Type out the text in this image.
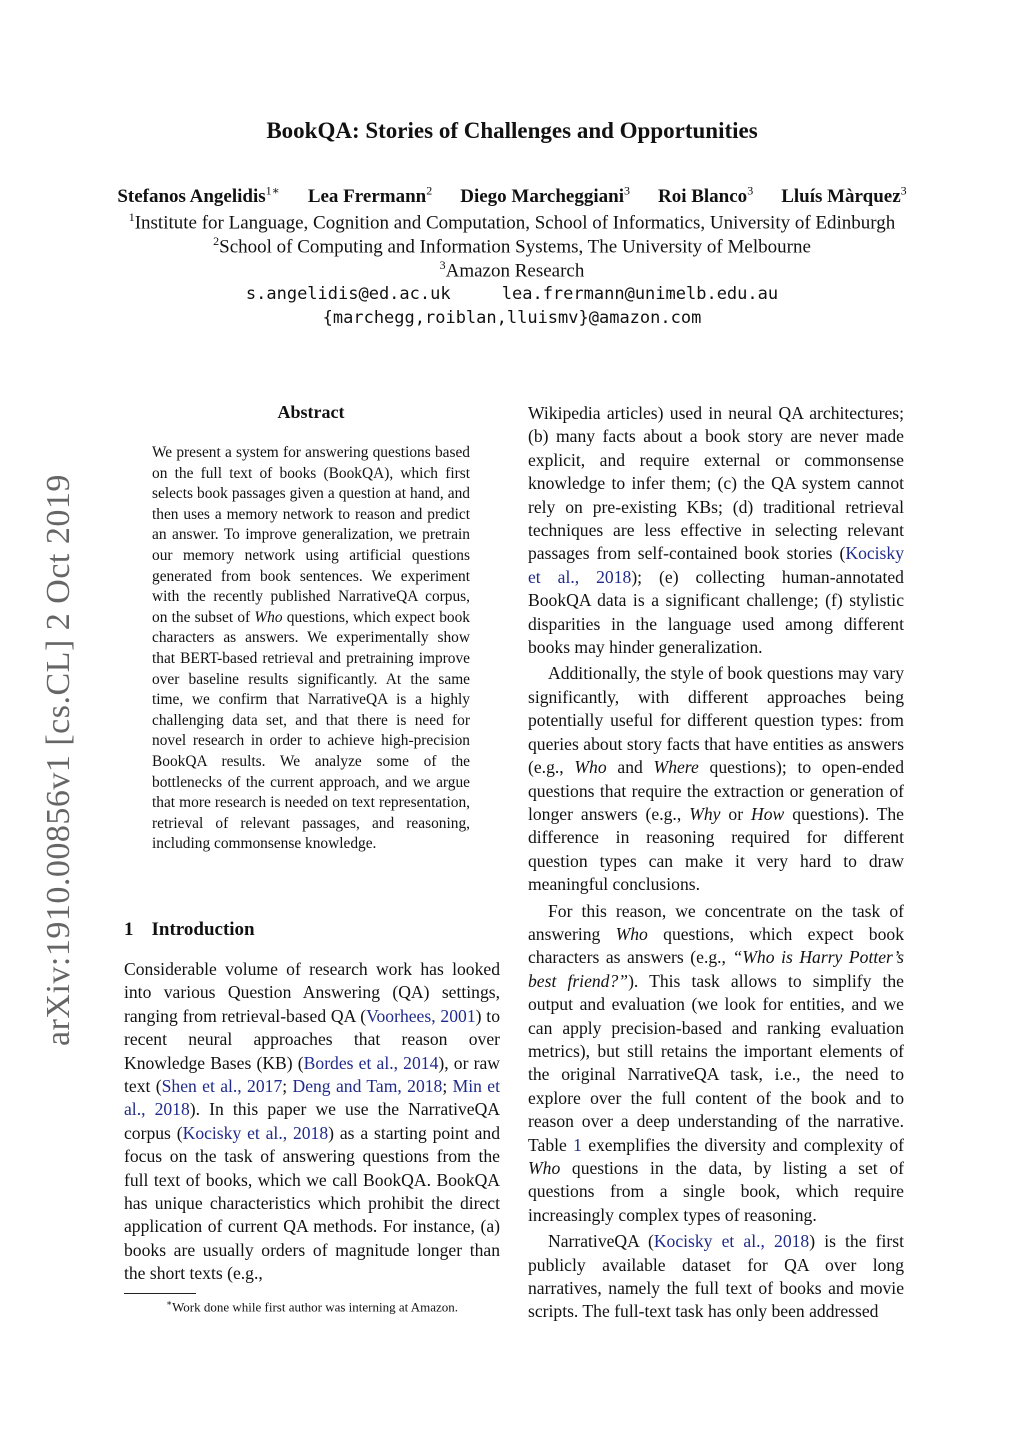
arXiv:1910.00856v1 [cs.CL] 2 Oct 2019
BookQA: Stories of Challenges and Opportunities
Stefanos Angelidis$^{1∗}$ Lea Frermann$^2$ Diego Marcheggiani$^3$ Roi Blanco$^3$ Lluís Màrquez$^3$
$^1$Institute for Language, Cognition and Computation, School of Informatics, University of Edinburgh
$^2$School of Computing and Information Systems, The University of Melbourne
$^3$Amazon Research
s.angelidis@ed.ac.uk     lea.frermann@unimelb.edu.au
{marchegg,roiblan,lluismv}@amazon.com
Abstract
We present a system for answering questions based on the full text of books (BookQA), which first selects book passages given a question at hand, and then uses a memory network to reason and predict an answer. To improve generalization, we pretrain our memory network using artificial questions generated from book sentences. We experiment with the recently published NarrativeQA corpus, on the subset of Who questions, which expect book characters as answers. We experimentally show that BERT-based retrieval and pretraining improve over baseline results significantly. At the same time, we confirm that NarrativeQA is a highly challenging data set, and that there is need for novel research in order to achieve high-precision BookQA results. We analyze some of the bottlenecks of the current approach, and we argue that more research is needed on text representation, retrieval of relevant passages, and reasoning, including commonsense knowledge.
1 Introduction

Considerable volume of research work has looked into various Question Answering (QA) settings, ranging from retrieval-based QA (Voorhees, 2001) to recent neural approaches that reason over Knowledge Bases (KB) (Bordes et al., 2014), or raw text (Shen et al., 2017; Deng and Tam, 2018; Min et al., 2018). In this paper we use the NarrativeQA corpus (Kocisky et al., 2018) as a starting point and focus on the task of answering questions from the full text of books, which we call BookQA. BookQA has unique characteristics which prohibit the direct application of current QA methods. For instance, (a) books are usually orders of magnitude longer than the short texts (e.g.,

Wikipedia articles) used in neural QA architectures; (b) many facts about a book story are never made explicit, and require external or commonsense knowledge to infer them; (c) the QA system cannot rely on pre-existing KBs; (d) traditional retrieval techniques are less effective in selecting relevant passages from self-contained book stories (Kocisky et al., 2018); (e) collecting human-annotated BookQA data is a significant challenge; (f) stylistic disparities in the language used among different books may hinder generalization.

Additionally, the style of book questions may vary significantly, with different approaches being potentially useful for different question types: from queries about story facts that have entities as answers (e.g., Who and Where questions); to open-ended questions that require the extraction or generation of longer answers (e.g., Why or How questions). The difference in reasoning required for different question types can make it very hard to draw meaningful conclusions.

For this reason, we concentrate on the task of answering Who questions, which expect book characters as answers (e.g., “Who is Harry Potter’s best friend?”). This task allows to simplify the output and evaluation (we look for entities, and we can apply precision-based and ranking evaluation metrics), but still retains the important elements of the original NarrativeQA task, i.e., the need to explore over the full content of the book and to reason over a deep understanding of the narrative. Table 1 exemplifies the diversity and complexity of Who questions in the data, by listing a set of questions from a single book, which require increasingly complex types of reasoning.

NarrativeQA (Kocisky et al., 2018) is the first publicly available dataset for QA over long narratives, namely the full text of books and movie scripts. The full-text task has only been addressed

∗Work done while first author was interning at Amazon.
